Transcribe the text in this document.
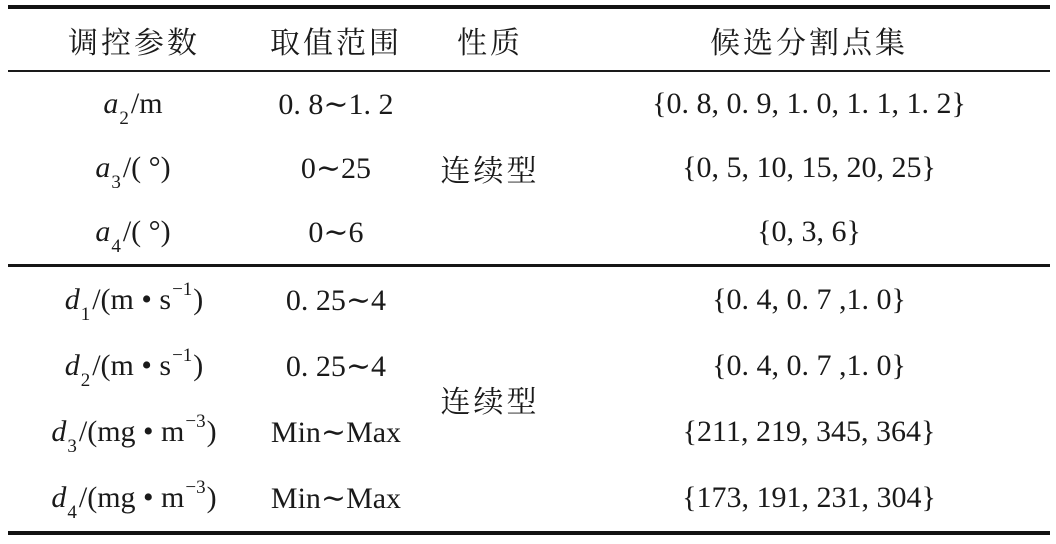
调控参数	取值范围	性质	候选分割点集
$a_2/m$	0. 8∼1. 2	连续型	{0. 8, 0. 9, 1. 0, 1. 1, 1. 2}
$a_3/$( °)	0∼25		{0, 5, 10, 15, 20, 25}
$a_4/$( °)	0∼6		{0, 3, 6}
$d_1/(m$ • $s^{-1}$)	0. 25∼4	连续型	{0. 4, 0. 7 ,1. 0}
$d_2/(m$ • $s^{-1}$)	0. 25∼4		{0. 4, 0. 7 ,1. 0}
$d_3/(mg$ • $m^{-3}$)	Min∼Max		{211, 219, 345, 364}
$d_4/(mg$ • $m^{-3}$)	Min∼Max		{173, 191, 231, 304}
